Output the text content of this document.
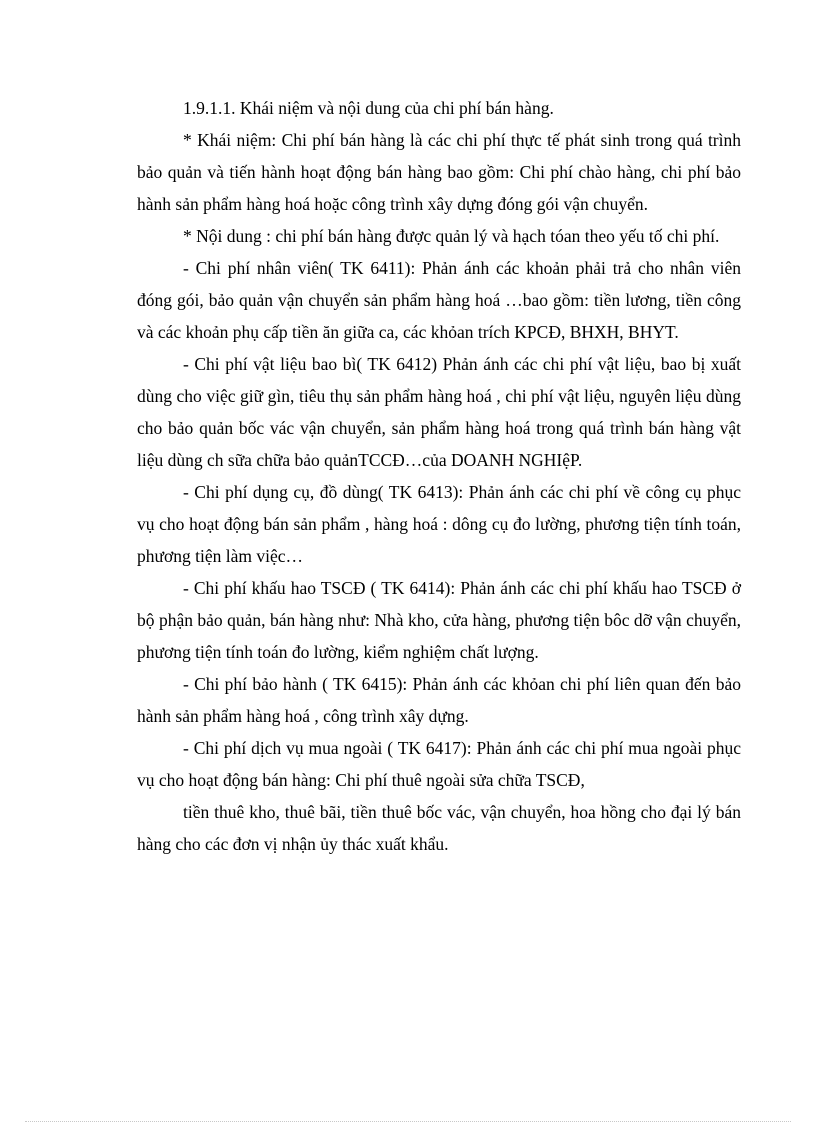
1.9.1.1. Khái niệm và nội dung của chi phí bán hàng.

* Khái niệm: Chi phí bán hàng là các chi phí thực tế phát sinh trong quá trình bảo quản và tiến hành hoạt động bán hàng bao gồm: Chi phí chào hàng, chi phí bảo hành sản phẩm hàng hoá hoặc công trình xây dựng đóng gói vận chuyển.

* Nội dung : chi phí bán hàng được quản lý và hạch tóan theo yếu tố chi phí.

- Chi phí nhân viên( TK 6411): Phản ánh các khoản phải trả cho nhân viên đóng gói, bảo quản vận chuyển sản phẩm hàng hoá …bao gồm: tiền lương, tiền công và các khoản phụ cấp tiền ăn giữa ca, các khỏan trích KPCĐ, BHXH, BHYT.

- Chi phí vật liệu bao bì( TK 6412) Phản ánh các chi phí vật liệu, bao bị xuất dùng cho việc giữ gìn, tiêu thụ sản phẩm hàng hoá , chi phí vật liệu, nguyên liệu dùng cho bảo quản bốc vác vận chuyển, sản phẩm hàng hoá trong quá trình bán hàng vật liệu dùng ch sữa chữa bảo quảnTCCĐ…của DOANH NGHIệP.

- Chi phí dụng cụ, đồ dùng( TK 6413): Phản ánh các chi phí về công cụ phục vụ cho hoạt động bán sản phẩm , hàng hoá : dông cụ đo lường, phương tiện tính toán, phương tiện làm việc…

- Chi phí khấu hao TSCĐ ( TK 6414): Phản ánh các chi phí khấu hao TSCĐ ở bộ phận bảo quản, bán hàng như: Nhà kho, cửa hàng, phương tiện bôc dỡ vận chuyển, phương tiện tính toán đo lường, kiểm nghiệm chất lượng.

- Chi phí bảo hành ( TK 6415): Phản ánh các khỏan chi phí liên quan đến bảo hành sản phẩm hàng hoá , công trình xây dựng.

- Chi phí dịch vụ mua ngoài ( TK 6417): Phản ánh các chi phí mua ngoài phục vụ cho hoạt động bán hàng: Chi phí thuê ngoài sửa chữa TSCĐ,

tiền thuê kho, thuê bãi, tiền thuê bốc vác, vận chuyển, hoa hồng cho đại lý bán hàng cho các đơn vị nhận ủy thác xuất khẩu.
